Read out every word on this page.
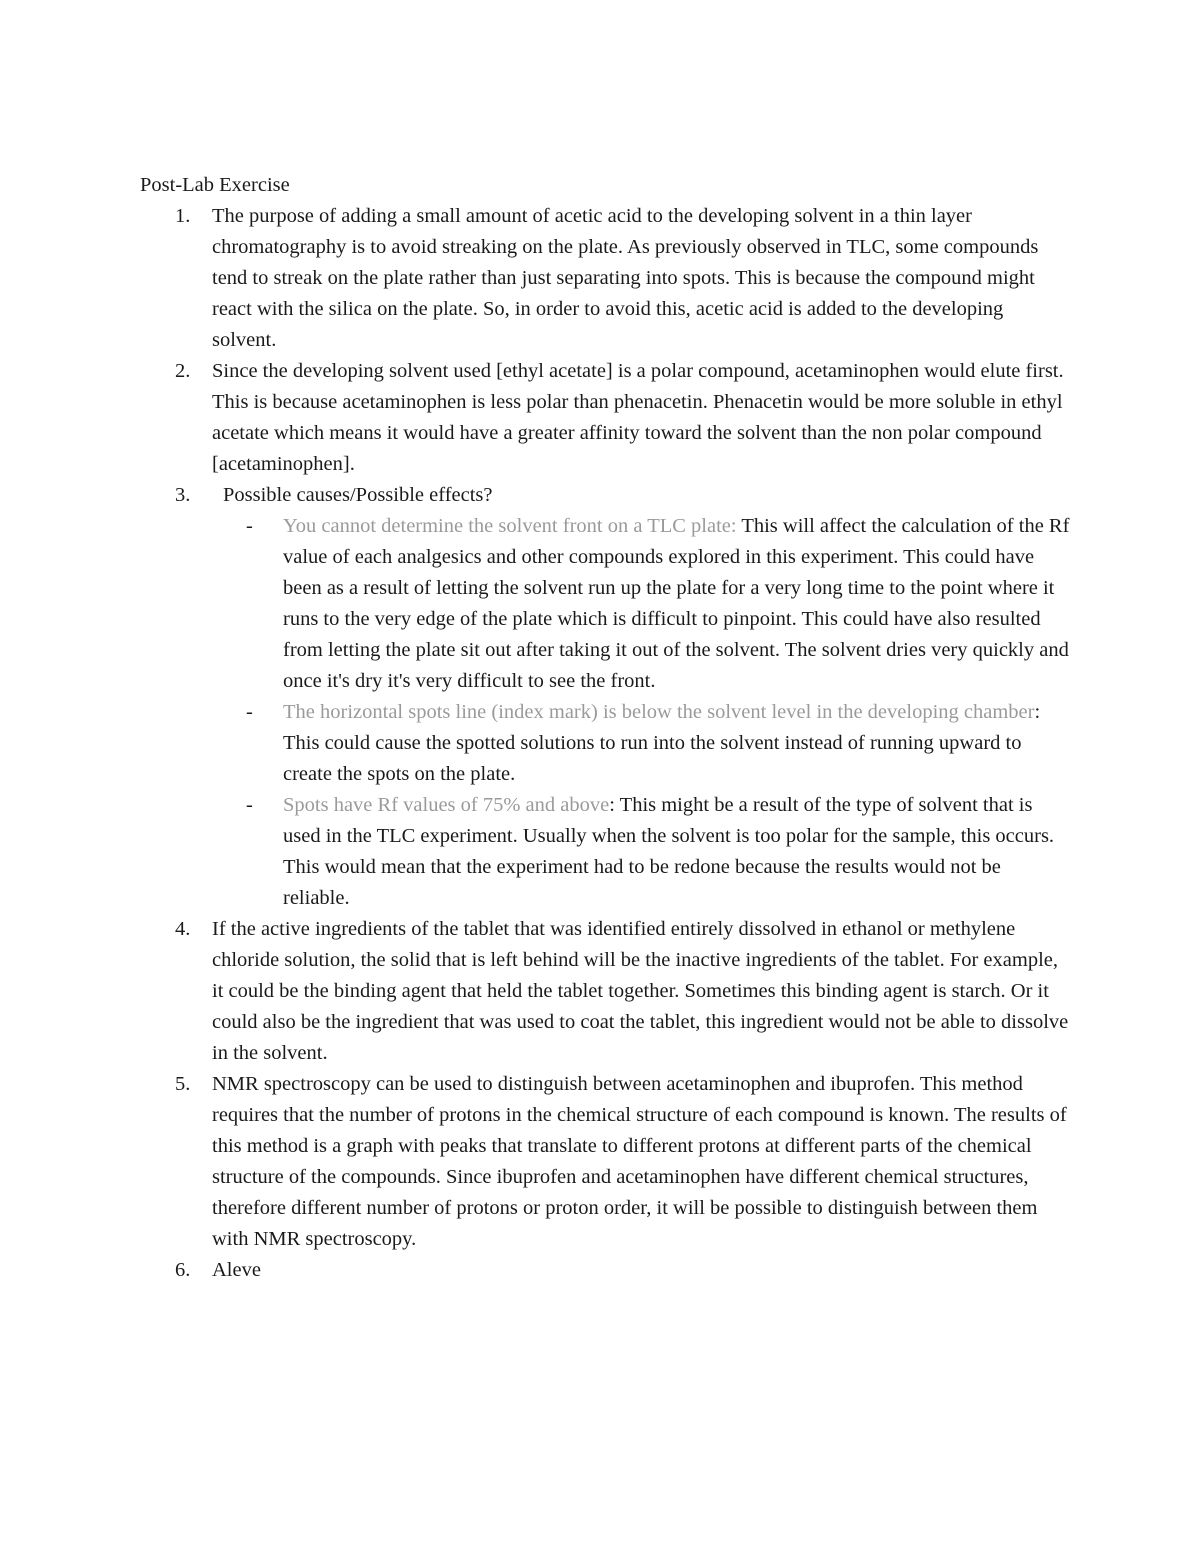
Post-Lab Exercise

1. The purpose of adding a small amount of acetic acid to the developing solvent in a thin layer chromatography is to avoid streaking on the plate. As previously observed in TLC, some compounds tend to streak on the plate rather than just separating into spots. This is because the compound might react with the silica on the plate. So, in order to avoid this, acetic acid is added to the developing solvent.
2. Since the developing solvent used [ethyl acetate] is a polar compound, acetaminophen would elute first. This is because acetaminophen is less polar than phenacetin. Phenacetin would be more soluble in ethyl acetate which means it would have a greater affinity toward the solvent than the non polar compound [acetaminophen].
3. Possible causes/Possible effects?
- You cannot determine the solvent front on a TLC plate: This will affect the calculation of the Rf value of each analgesics and other compounds explored in this experiment. This could have been as a result of letting the solvent run up the plate for a very long time to the point where it runs to the very edge of the plate which is difficult to pinpoint. This could have also resulted from letting the plate sit out after taking it out of the solvent. The solvent dries very quickly and once it's dry it's very difficult to see the front.
- The horizontal spots line (index mark) is below the solvent level in the developing chamber: This could cause the spotted solutions to run into the solvent instead of running upward to create the spots on the plate.
- Spots have Rf values of 75% and above: This might be a result of the type of solvent that is used in the TLC experiment. Usually when the solvent is too polar for the sample, this occurs. This would mean that the experiment had to be redone because the results would not be reliable.
4. If the active ingredients of the tablet that was identified entirely dissolved in ethanol or methylene chloride solution, the solid that is left behind will be the inactive ingredients of the tablet. For example, it could be the binding agent that held the tablet together. Sometimes this binding agent is starch. Or it could also be the ingredient that was used to coat the tablet, this ingredient would not be able to dissolve in the solvent.
5. NMR spectroscopy can be used to distinguish between acetaminophen and ibuprofen. This method requires that the number of protons in the chemical structure of each compound is known. The results of this method is a graph with peaks that translate to different protons at different parts of the chemical structure of the compounds. Since ibuprofen and acetaminophen have different chemical structures, therefore different number of protons or proton order, it will be possible to distinguish between them with NMR spectroscopy.
6. Aleve
